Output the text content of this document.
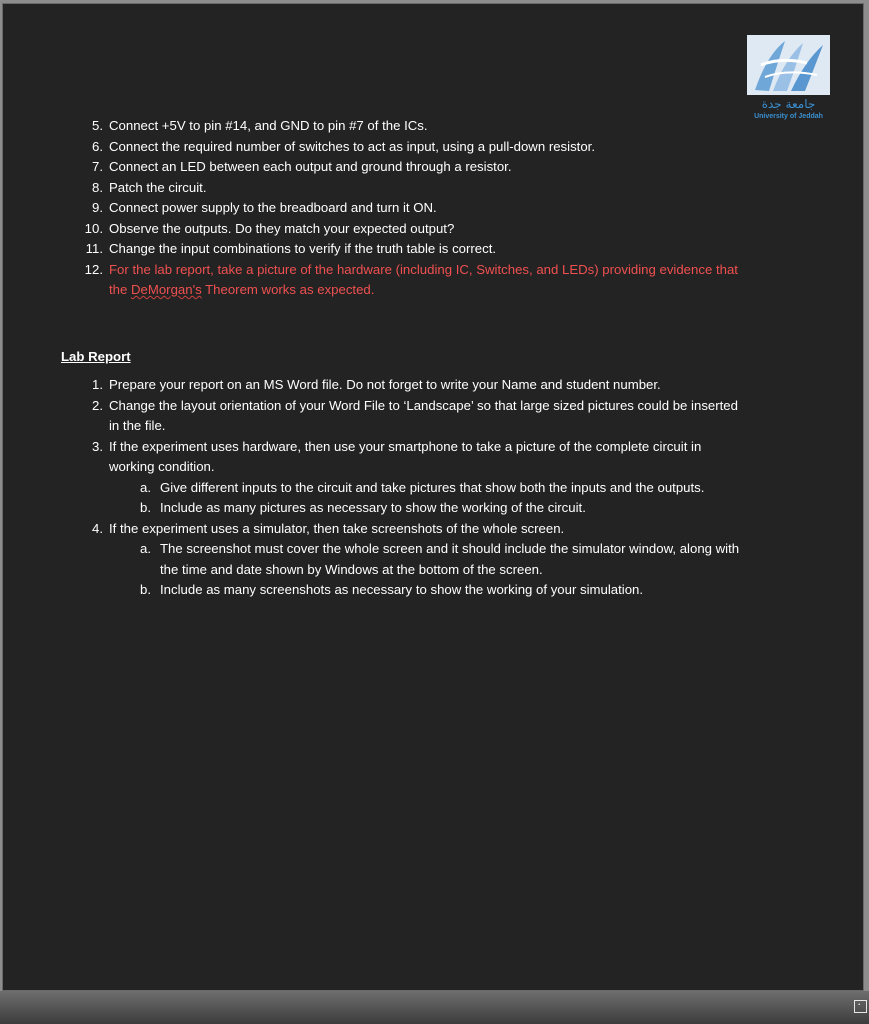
جامعة جدة
University of Jeddah
5. Connect +5V to pin #14, and GND to pin #7 of the ICs.
6. Connect the required number of switches to act as input, using a pull-down resistor.
7. Connect an LED between each output and ground through a resistor.
8. Patch the circuit.
9. Connect power supply to the breadboard and turn it ON.
10. Observe the outputs. Do they match your expected output?
11. Change the input combinations to verify if the truth table is correct.
12. For the lab report, take a picture of the hardware (including IC, Switches, and LEDs) providing evidence that
the DeMorgan's Theorem works as expected.
Lab Report
1. Prepare your report on an MS Word file. Do not forget to write your Name and student number.
2. Change the layout orientation of your Word File to ‘Landscape’ so that large sized pictures could be inserted
in the file.
3. If the experiment uses hardware, then use your smartphone to take a picture of the complete circuit in
working condition.
a. Give different inputs to the circuit and take pictures that show both the inputs and the outputs.
b. Include as many pictures as necessary to show the working of the circuit.
4. If the experiment uses a simulator, then take screenshots of the whole screen.
a. The screenshot must cover the whole screen and it should include the simulator window, along with
the time and date shown by Windows at the bottom of the screen.
b. Include as many screenshots as necessary to show the working of your simulation.
⠂
